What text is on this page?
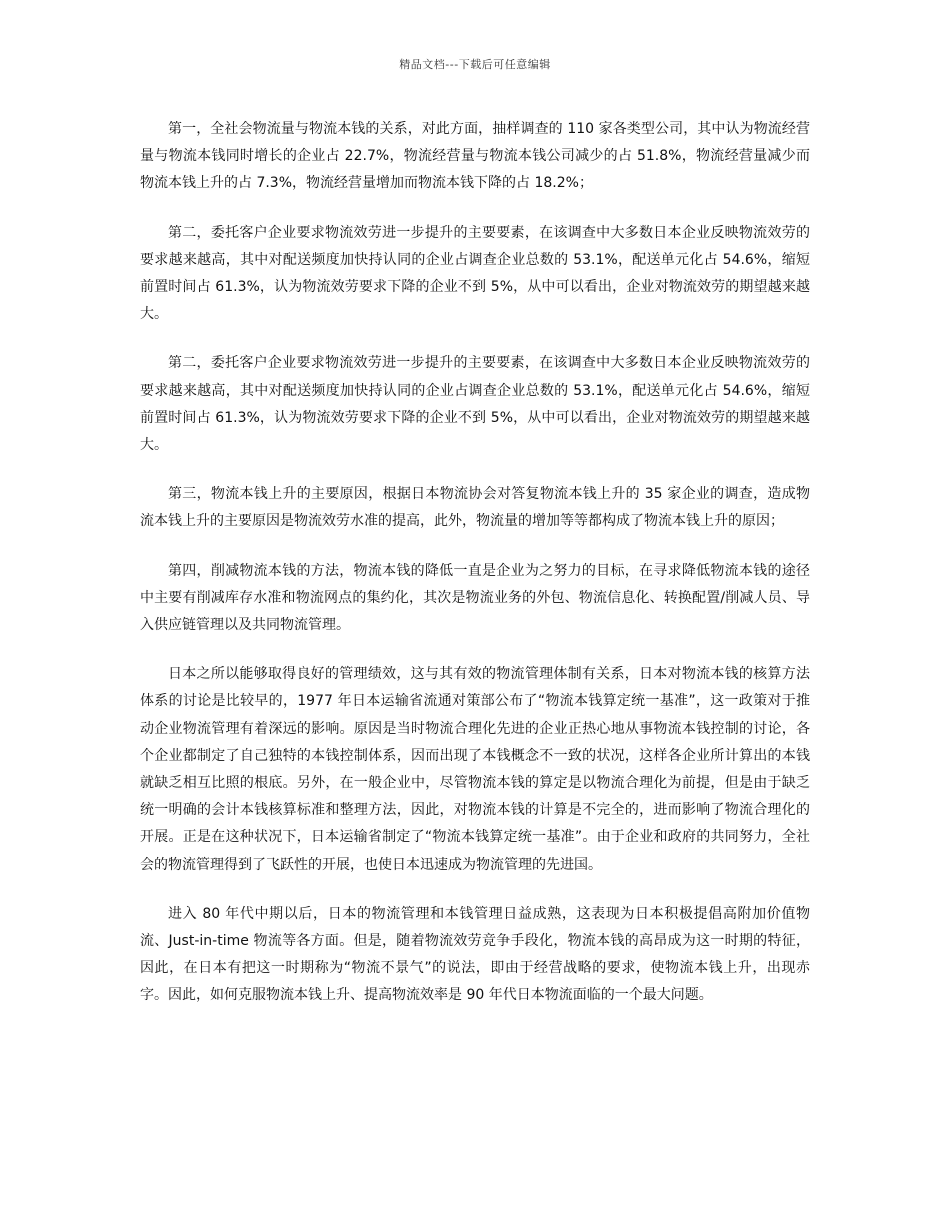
精品文档---下载后可任意编辑

第一，全社会物流量与物流本钱的关系，对此方面，抽样调查的 110 家各类型公司，其中认为物流经营量与物流本钱同时增长的企业占 22.7%，物流经营量与物流本钱公司减少的占 51.8%，物流经营量减少而物流本钱上升的占 7.3%，物流经营量增加而物流本钱下降的占 18.2%；

第二，委托客户企业要求物流效劳进一步提升的主要要素，在该调查中大多数日本企业反映物流效劳的要求越来越高，其中对配送频度加快持认同的企业占调查企业总数的 53.1%，配送单元化占 54.6%，缩短前置时间占 61.3%，认为物流效劳要求下降的企业不到 5%，从中可以看出，企业对物流效劳的期望越来越大。

第二，委托客户企业要求物流效劳进一步提升的主要要素，在该调查中大多数日本企业反映物流效劳的要求越来越高，其中对配送频度加快持认同的企业占调查企业总数的 53.1%，配送单元化占 54.6%，缩短前置时间占 61.3%，认为物流效劳要求下降的企业不到 5%，从中可以看出，企业对物流效劳的期望越来越大。

第三，物流本钱上升的主要原因，根据日本物流协会对答复物流本钱上升的 35 家企业的调查，造成物流本钱上升的主要原因是物流效劳水准的提高，此外，物流量的增加等等都构成了物流本钱上升的原因；

第四，削减物流本钱的方法，物流本钱的降低一直是企业为之努力的目标，在寻求降低物流本钱的途径中主要有削减库存水准和物流网点的集约化，其次是物流业务的外包、物流信息化、转换配置/削减人员、导入供应链管理以及共同物流管理。

日本之所以能够取得良好的管理绩效，这与其有效的物流管理体制有关系，日本对物流本钱的核算方法体系的讨论是比较早的，1977 年日本运输省流通对策部公布了“物流本钱算定统一基准”，这一政策对于推动企业物流管理有着深远的影响。原因是当时物流合理化先进的企业正热心地从事物流本钱控制的讨论，各个企业都制定了自己独特的本钱控制体系，因而出现了本钱概念不一致的状况，这样各企业所计算出的本钱就缺乏相互比照的根底。另外，在一般企业中，尽管物流本钱的算定是以物流合理化为前提，但是由于缺乏统一明确的会计本钱核算标准和整理方法，因此，对物流本钱的计算是不完全的，进而影响了物流合理化的开展。正是在这种状况下，日本运输省制定了“物流本钱算定统一基准”。由于企业和政府的共同努力，全社会的物流管理得到了飞跃性的开展，也使日本迅速成为物流管理的先进国。

进入 80 年代中期以后，日本的物流管理和本钱管理日益成熟，这表现为日本积极提倡高附加价值物流、Just-in-time 物流等各方面。但是，随着物流效劳竞争手段化，物流本钱的高昂成为这一时期的特征，因此，在日本有把这一时期称为“物流不景气”的说法，即由于经营战略的要求，使物流本钱上升，出现赤字。因此，如何克服物流本钱上升、提高物流效率是 90 年代日本物流面临的一个最大问题。
